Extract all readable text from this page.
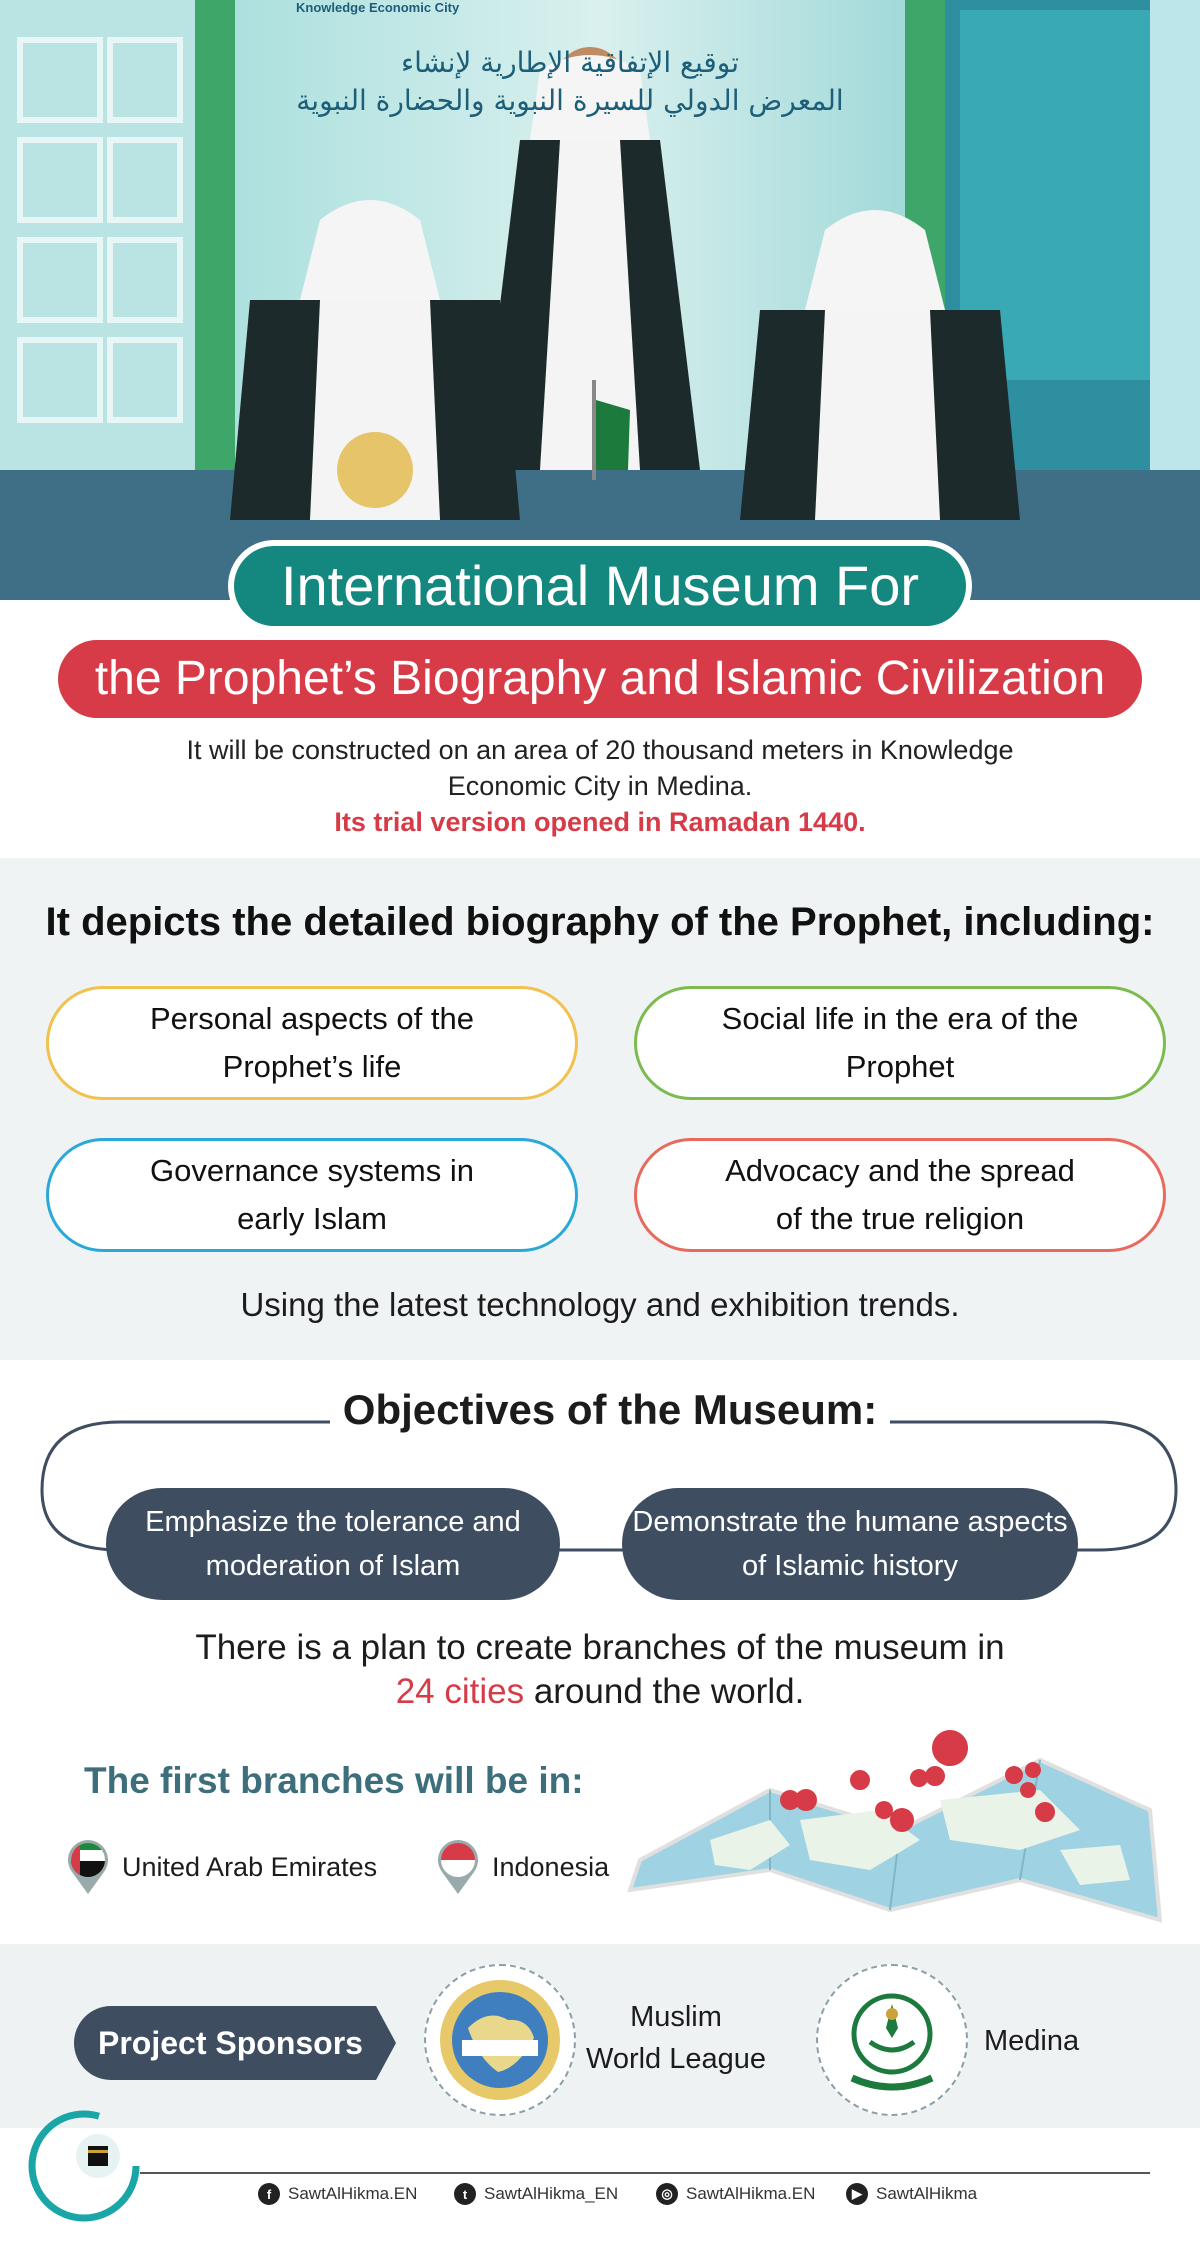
Knowledge Economic City
توقيع الإتفاقية الإطارية لإنشاء
المعرض الدولي للسيرة النبوية والحضارة النبوية
International Museum For
the Prophet’s Biography and Islamic Civilization
It will be constructed on an area of 20 thousand meters in Knowledge
Economic City in Medina.
Its trial version opened in Ramadan 1440.
It depicts the detailed biography of the Prophet, including:
Personal aspects of the Prophet’s life
Social life in the era of the Prophet
Governance systems in early Islam
Advocacy and the spread of the true religion
Using the latest technology and exhibition trends.
Objectives of the Museum:
Emphasize the tolerance and moderation of Islam
Demonstrate the humane aspects of Islamic history
There is a plan to create branches of the museum in
24 cities around the world.
The first branches will be in:
United Arab Emirates	Indonesia
Project Sponsors
Muslim
World League
Medina
f SawtAlHikma.EN	t SawtAlHikma_EN	◎ SawtAlHikma.EN	▶ SawtAlHikma
